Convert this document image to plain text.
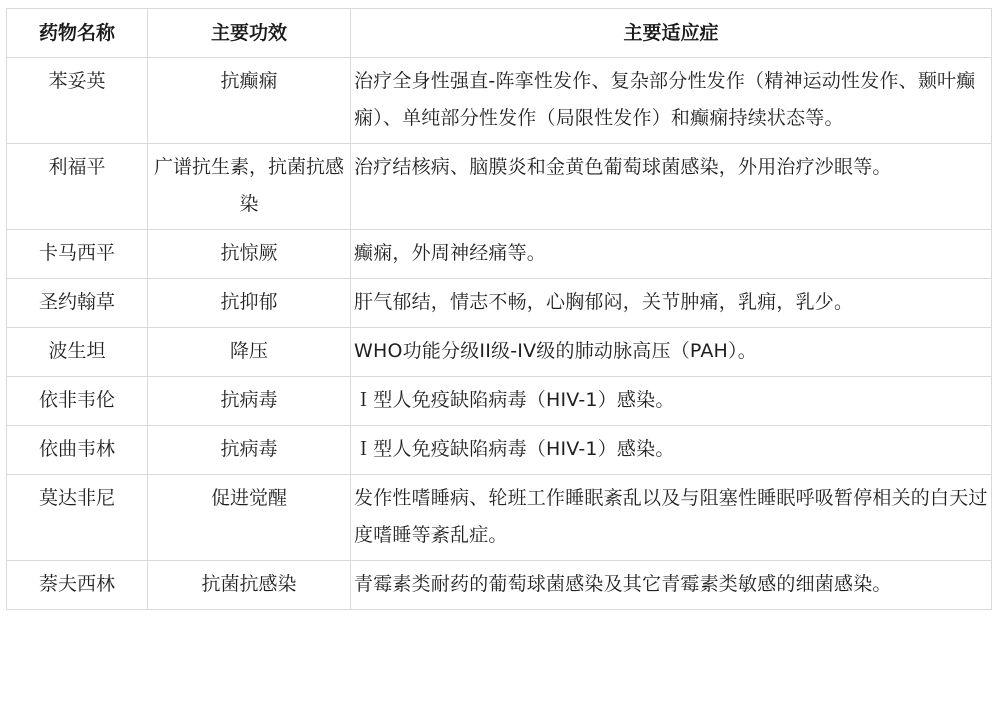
药物名称	主要功效	主要适应症
苯妥英	抗癫痫	治疗全身性强直-阵挛性发作、复杂部分性发作（精神运动性发作、颞叶癫痫）、单纯部分性发作（局限性发作）和癫痫持续状态等。
利福平	广谱抗生素，抗菌抗感染	治疗结核病、脑膜炎和金黄色葡萄球菌感染，外用治疗沙眼等。
卡马西平	抗惊厥	癫痫，外周神经痛等。
圣约翰草	抗抑郁	肝气郁结，情志不畅，心胸郁闷，关节肿痛，乳痈，乳少。
波生坦	降压	WHO功能分级II级-IV级的肺动脉高压（PAH）。
依非韦伦	抗病毒	Ｉ型人免疫缺陷病毒（HIV-1）感染。
依曲韦林	抗病毒	Ｉ型人免疫缺陷病毒（HIV-1）感染。
莫达非尼	促进觉醒	发作性嗜睡病、轮班工作睡眠紊乱以及与阻塞性睡眠呼吸暂停相关的白天过度嗜睡等紊乱症。
萘夫西林	抗菌抗感染	青霉素类耐药的葡萄球菌感染及其它青霉素类敏感的细菌感染。
